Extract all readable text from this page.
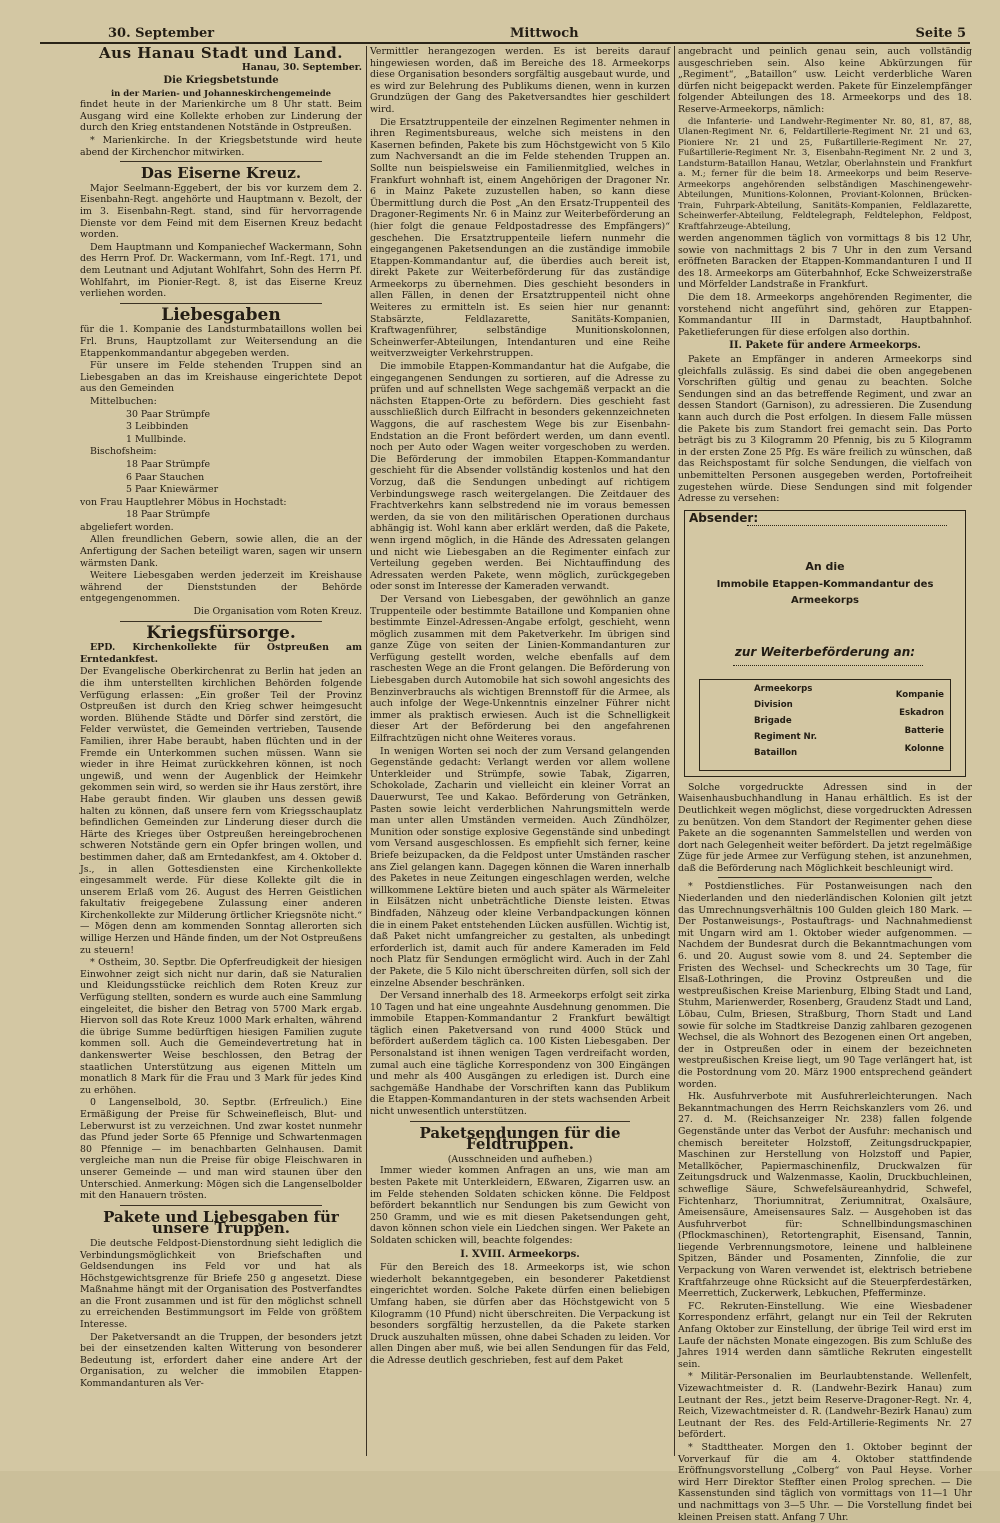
30. September	Mittwoch	Seite 5
Aus Hanau Stadt und Land.
Hanau, 30. September.
Die Kriegsbetstunde
in der Marien- und Johanneskirchengemeinde

findet heute in der Marienkirche um 8 Uhr statt. Beim Ausgang wird eine Kollekte erhoben zur Linderung der durch den Krieg entstandenen Notstände in Ostpreußen.

* Marienkirche. In der Kriegsbetstunde wird heute abend der Kirchenchor mitwirken.

Das Eiserne Kreuz.

Major Seelmann-Eggebert, der bis vor kurzem dem 2. Eisenbahn-Regt. angehörte und Hauptmann v. Bezolt, der im 3. Eisenbahn-Regt. stand, sind für hervorragende Dienste vor dem Feind mit dem Eisernen Kreuz bedacht worden.

Dem Hauptmann und Kompaniechef Wackermann, Sohn des Herrn Prof. Dr. Wackermann, vom Inf.-Regt. 171, und dem Leutnant und Adjutant Wohlfahrt, Sohn des Herrn Pf. Wohlfahrt, im Pionier-Regt. 8, ist das Eiserne Kreuz verliehen worden.

Liebesgaben

für die 1. Kompanie des Landsturmbataillons wollen bei Frl. Bruns, Hauptzollamt zur Weitersendung an die Etappenkommandantur abgegeben werden.

Für unsere im Felde stehenden Truppen sind an Liebesgaben an das im Kreishause eingerichtete Depot aus den Gemeinden

Mittelbuchen:

30 Paar Strümpfe

3 Leibbinden

1 Mullbinde.

Bischofsheim:

18 Paar Strümpfe

6 Paar Stauchen

5 Paar Kniewärmer

von Frau Hauptlehrer Möbus in Hochstadt:

18 Paar Strümpfe

abgeliefert worden.

Allen freundlichen Gebern, sowie allen, die an der Anfertigung der Sachen beteiligt waren, sagen wir unsern wärmsten Dank.

Weitere Liebesgaben werden jederzeit im Kreishause während der Dienststunden der Behörde entgegengenommen.

Die Organisation vom Roten Kreuz.

Kriegsfürsorge.

EPD. Kirchenkollekte für Ostpreußen am Erntedankfest.

Der Evangelische Oberkirchenrat zu Berlin hat jeden an die ihm unterstellten kirchlichen Behörden folgende Verfügung erlassen: „Ein großer Teil der Provinz Ostpreußen ist durch den Krieg schwer heimgesucht worden. Blühende Städte und Dörfer sind zerstört, die Felder verwüstet, die Gemeinden vertrieben, Tausende Familien, ihrer Habe beraubt, haben flüchten und in der Fremde ein Unterkommen suchen müssen. Wann sie wieder in ihre Heimat zurückkehren können, ist noch ungewiß, und wenn der Augenblick der Heimkehr gekommen sein wird, so werden sie ihr Haus zerstört, ihre Habe geraubt finden. Wir glauben uns dessen gewiß halten zu können, daß unsere fern vom Kriegsschauplatz befindlichen Gemeinden zur Linderung dieser durch die Härte des Krieges über Ostpreußen hereingebrochenen schweren Notstände gern ein Opfer bringen wollen, und bestimmen daher, daß am Erntedankfest, am 4. Oktober d. Js., in allen Gottesdiensten eine Kirchenkollekte eingesammelt werde. Für diese Kollekte gilt die in unserem Erlaß vom 26. August des Herren Geistlichen fakultativ freigegebene Zulassung einer anderen Kirchenkollekte zur Milderung örtlicher Kriegsnöte nicht.“ — Mögen denn am kommenden Sonntag allerorten sich willige Herzen und Hände finden, um der Not Ostpreußens zu steuern!

* Ostheim, 30. Septbr. Die Opferfreudigkeit der hiesigen Einwohner zeigt sich nicht nur darin, daß sie Naturalien und Kleidungsstücke reichlich dem Roten Kreuz zur Verfügung stellten, sondern es wurde auch eine Sammlung eingeleitet, die bisher den Betrag von 5700 Mark ergab. Hiervon soll das Rote Kreuz 1000 Mark erhalten, während die übrige Summe bedürftigen hiesigen Familien zugute kommen soll. Auch die Gemeindevertretung hat in dankenswerter Weise beschlossen, den Betrag der staatlichen Unterstützung aus eigenen Mitteln um monatlich 8 Mark für die Frau und 3 Mark für jedes Kind zu erhöhen.

0 Langenselbold, 30. Septbr. (Erfreulich.) Eine Ermäßigung der Preise für Schweinefleisch, Blut- und Leberwurst ist zu verzeichnen. Und zwar kostet nunmehr das Pfund jeder Sorte 65 Pfennige und Schwartenmagen 80 Pfennige — im benachbarten Gelnhausen. Damit vergleiche man nun die Preise für obige Fleischwaren in unserer Gemeinde — und man wird staunen über den Unterschied. Anmerkung: Mögen sich die Langenselbolder mit den Hanauern trösten.

Pakete und Liebesgaben für unsere Truppen.

Die deutsche Feldpost-Dienstordnung sieht lediglich die Verbindungsmöglichkeit von Briefschaften und Geldsendungen ins Feld vor und hat als Höchstgewichtsgrenze für Briefe 250 g angesetzt. Diese Maßnahme hängt mit der Organisation des Postverfandtes an die Front zusammen und ist für den möglichst schnell zu erreichenden Bestimmungsort im Felde von größtem Interesse.

Der Paketversandt an die Truppen, der besonders jetzt bei der einsetzenden kalten Witterung von besonderer Bedeutung ist, erfordert daher eine andere Art der Organisation, zu welcher die immobilen Etappen-Kommandanturen als Ver-

Vermittler herangezogen werden. Es ist bereits darauf hingewiesen worden, daß im Bereiche des 18. Armeekorps diese Organisation besonders sorgfältig ausgebaut wurde, und es wird zur Belehrung des Publikums dienen, wenn in kurzen Grundzügen der Gang des Paketversandtes hier geschildert wird.

Die Ersatztruppenteile der einzelnen Regimenter nehmen in ihren Regimentsbureaus, welche sich meistens in den Kasernen befinden, Pakete bis zum Höchstgewicht von 5 Kilo zum Nachversandt an die im Felde stehenden Truppen an. Sollte nun beispielsweise ein Familienmitglied, welches in Frankfurt wohnhaft ist, einem Angehörigen der Dragoner Nr. 6 in Mainz Pakete zuzustellen haben, so kann diese Übermittlung durch die Post „An den Ersatz-Truppenteil des Dragoner-Regiments Nr. 6 in Mainz zur Weiterbeförderung an (hier folgt die genaue Feldpostadresse des Empfängers)“ geschehen. Die Ersatztruppenteile liefern nunmehr die eingegangenen Paketsendungen an die zuständige immobile Etappen-Kommandantur auf, die überdies auch bereit ist, direkt Pakete zur Weiterbeförderung für das zuständige Armeekorps zu übernehmen. Dies geschieht besonders in allen Fällen, in denen der Ersatztruppenteil nicht ohne Weiteres zu ermitteln ist. Es seien hier nur genannt: Stabsärzte, Feldlazarette, Sanitäts-Kompanien, Kraftwagenführer, selbständige Munitionskolonnen, Scheinwerfer-Abteilungen, Intendanturen und eine Reihe weitverzweigter Verkehrstruppen.

Die immobile Etappen-Kommandantur hat die Aufgabe, die eingegangenen Sendungen zu sortieren, auf die Adresse zu prüfen und auf schnellsten Wege sachgemäß verpackt an die nächsten Etappen-Orte zu befördern. Dies geschieht fast ausschließlich durch Eilfracht in besonders gekennzeichneten Waggons, die auf raschestem Wege bis zur Eisenbahn-Endstation an die Front befördert werden, um dann eventl. noch per Auto oder Wagen weiter vorgeschoben zu werden. Die Beförderung der immobilen Etappen-Kommandantur geschieht für die Absender vollständig kostenlos und hat den Vorzug, daß die Sendungen unbedingt auf richtigem Verbindungswege rasch weitergelangen. Die Zeitdauer des Frachtverkehrs kann selbstredend nie im voraus bemessen werden, da sie von den militärischen Operationen durchaus abhängig ist. Wohl kann aber erklärt werden, daß die Pakete, wenn irgend möglich, in die Hände des Adressaten gelangen und nicht wie Liebesgaben an die Regimenter einfach zur Verteilung gegeben werden. Bei Nichtauffindung des Adressaten werden Pakete, wenn möglich, zurückgegeben oder sonst im Interesse der Kameraden verwandt.

Der Versand von Liebesgaben, der gewöhnlich an ganze Truppenteile oder bestimmte Bataillone und Kompanien ohne bestimmte Einzel-Adressen-Angabe erfolgt, geschieht, wenn möglich zusammen mit dem Paketverkehr. Im übrigen sind ganze Züge von seiten der Linien-Kommandanturen zur Verfügung gestellt worden, welche ebenfalls auf dem raschesten Wege an die Front gelangen. Die Beförderung von Liebesgaben durch Automobile hat sich sowohl angesichts des Benzinverbrauchs als wichtigen Brennstoff für die Armee, als auch infolge der Wege-Unkenntnis einzelner Führer nicht immer als praktisch erwiesen. Auch ist die Schnelligkeit dieser Art der Beförderung bei den angefahrenen Eilfrachtzügen nicht ohne Weiteres voraus.

In wenigen Worten sei noch der zum Versand gelangenden Gegenstände gedacht: Verlangt werden vor allem wollene Unterkleider und Strümpfe, sowie Tabak, Zigarren, Schokolade, Zacharin und vielleicht ein kleiner Vorrat an Dauerwurst, Tee und Kakao. Beförderung von Getränken, Pasten sowie leicht verderblichen Nahrungsmitteln werde man unter allen Umständen vermeiden. Auch Zündhölzer, Munition oder sonstige explosive Gegenstände sind unbedingt vom Versand ausgeschlossen. Es empfiehlt sich ferner, keine Briefe beizupacken, da die Feldpost unter Umständen rascher ans Ziel gelangen kann. Dagegen können die Waren innerhalb des Paketes in neue Zeitungen eingeschlagen werden, welche willkommene Lektüre bieten und auch später als Wärmeleiter in Eilsätzen nicht unbeträchtliche Dienste leisten. Etwas Bindfaden, Nähzeug oder kleine Verbandpackungen können die in einem Paket entstehenden Lücken ausfüllen. Wichtig ist, daß Paket nicht umfangreicher zu gestalten, als unbedingt erforderlich ist, damit auch für andere Kameraden im Feld noch Platz für Sendungen ermöglicht wird. Auch in der Zahl der Pakete, die 5 Kilo nicht überschreiten dürfen, soll sich der einzelne Absender beschränken.

Der Versand innerhalb des 18. Armeekorps erfolgt seit zirka 10 Tagen und hat eine ungeahnte Ausdehnung genommen. Die immobile Etappen-Kommandantur 2 Frankfurt bewältigt täglich einen Paketversand von rund 4000 Stück und befördert außerdem täglich ca. 100 Kisten Liebesgaben. Der Personalstand ist ihnen wenigen Tagen verdreifacht worden, zumal auch eine tägliche Korrespondenz von 300 Eingängen und mehr als 400 Ausgängen zu erledigen ist. Durch eine sachgemäße Handhabe der Vorschriften kann das Publikum die Etappen-Kommandanturen in der stets wachsenden Arbeit nicht unwesentlich unterstützen.

Paketsendungen für die Feldtruppen.
(Ausschneiden und aufheben.)

Immer wieder kommen Anfragen an uns, wie man am besten Pakete mit Unterkleidern, Eßwaren, Zigarren usw. an im Felde stehenden Soldaten schicken könne. Die Feldpost befördert bekanntlich nur Sendungen bis zum Gewicht von 250 Gramm, und wie es mit diesen Paketsendungen geht, davon können schon viele ein Liedchen singen. Wer Pakete an Soldaten schicken will, beachte folgendes:

I. XVIII. Armeekorps.

Für den Bereich des 18. Armeekorps ist, wie schon wiederholt bekanntgegeben, ein besonderer Paketdienst eingerichtet worden. Solche Pakete dürfen einen beliebigen Umfang haben, sie dürfen aber das Höchstgewicht von 5 Kilogramm (10 Pfund) nicht überschreiten. Die Verpackung ist besonders sorgfältig herzustellen, da die Pakete starken Druck auszuhalten müssen, ohne dabei Schaden zu leiden. Vor allen Dingen aber muß, wie bei allen Sendungen für das Feld, die Adresse deutlich geschrieben, fest auf dem Paket

angebracht und peinlich genau sein, auch vollständig ausgeschrieben sein. Also keine Abkürzungen für „Regiment“, „Bataillon“ usw. Leicht verderbliche Waren dürfen nicht beigepackt werden. Pakete für Einzelempfänger folgender Abteilungen des 18. Armeekorps und des 18. Reserve-Armeekorps, nämlich:

die Infanterie- und Landwehr-Regimenter Nr. 80, 81, 87, 88, Ulanen-Regiment Nr. 6, Feldartillerie-Regiment Nr. 21 und 63, Pioniere Nr. 21 und 25, Fußartillerie-Regiment Nr. 27, Fußartillerie-Regiment Nr. 3, Eisenbahn-Regiment Nr. 2 und 3, Landsturm-Bataillon Hanau, Wetzlar, Oberlahnstein und Frankfurt a. M.; ferner für die beim 18. Armeekorps und beim Reserve-Armeekorps angehörenden selbständigen Maschinengewehr-Abteilungen, Munitions-Kolonnen, Proviant-Kolonnen, Brücken-Train, Fuhrpark-Abteilung, Sanitäts-Kompanien, Feldlazarette, Scheinwerfer-Abteilung, Feldtelegraph, Feldtelephon, Feldpost, Kraftfahrzeuge-Abteilung,

werden angenommen täglich von vormittags 8 bis 12 Uhr, sowie von nachmittags 2 bis 7 Uhr in den zum Versand eröffneten Baracken der Etappen-Kommandanturen I und II des 18. Armeekorps am Güterbahnhof, Ecke Schweizerstraße und Mörfelder Landstraße in Frankfurt.

Die dem 18. Armeekorps angehörenden Regimenter, die vorstehend nicht angeführt sind, gehören zur Etappen-Kommandantur III in Darmstadt, Hauptbahnhof. Paketlieferungen für diese erfolgen also dorthin.

II. Pakete für andere Armeekorps.

Pakete an Empfänger in anderen Armeekorps sind gleichfalls zulässig. Es sind dabei die oben angegebenen Vorschriften gültig und genau zu beachten. Solche Sendungen sind an das betreffende Regiment, und zwar an dessen Standort (Garnison), zu adressieren. Die Zusendung kann auch durch die Post erfolgen. In diesem Falle müssen die Pakete bis zum Standort frei gemacht sein. Das Porto beträgt bis zu 3 Kilogramm 20 Pfennig, bis zu 5 Kilogramm in der ersten Zone 25 Pfg. Es wäre freilich zu wünschen, daß das Reichspostamt für solche Sendungen, die vielfach von unbemittelten Personen ausgegeben werden, Portofreiheit zugestehen würde. Diese Sendungen sind mit folgender Adresse zu versehen:

Absender:
An die
Immobile Etappen-Kommandantur des
Armeekorps
zur Weiterbeförderung an:
Armeekorps
Division
Brigade
Regiment Nr.
Bataillon
Kompanie
Eskadron
Batterie
Kolonne

Solche vorgedruckte Adressen sind in der Waisenhausbuchhandlung in Hanau erhältlich. Es ist der Deutlichkeit wegen möglichst, diese vorgedruckten Adressen zu benützen. Von dem Standort der Regimenter gehen diese Pakete an die sogenannten Sammelstellen und werden von dort nach Gelegenheit weiter befördert. Da jetzt regelmäßige Züge für jede Armee zur Verfügung stehen, ist anzunehmen, daß die Beförderung nach Möglichkeit beschleunigt wird.

* Postdienstliches. Für Postanweisungen nach den Niederlanden und den niederländischen Kolonien gilt jetzt das Umrechnungsverhältnis 100 Gulden gleich 180 Mark. — Der Postanweisungs-, Postauftrags- und Nachnahmedienst mit Ungarn wird am 1. Oktober wieder aufgenommen. — Nachdem der Bundesrat durch die Bekanntmachungen vom 6. und 20. August sowie vom 8. und 24. September die Fristen des Wechsel- und Scheckrechts um 30 Tage, für Elsaß-Lothringen, die Provinz Ostpreußen und die westpreußischen Kreise Marienburg, Elbing Stadt und Land, Stuhm, Marienwerder, Rosenberg, Graudenz Stadt und Land, Löbau, Culm, Briesen, Straßburg, Thorn Stadt und Land sowie für solche im Stadtkreise Danzig zahlbaren gezogenen Wechsel, die als Wohnort des Bezogenen einen Ort angeben, der in Ostpreußen oder in einem der bezeichneten westpreußischen Kreise liegt, um 90 Tage verlängert hat, ist die Postordnung vom 20. März 1900 entsprechend geändert worden.

Hk. Ausfuhrverbote mit Ausfuhrerleichterungen. Nach Bekanntmachungen des Herrn Reichskanzlers vom 26. und 27. d. M. (Reichsanzeiger Nr. 238) fallen folgende Gegenstände unter das Verbot der Ausfuhr: mechanisch und chemisch bereiteter Holzstoff, Zeitungsdruckpapier, Maschinen zur Herstellung von Holzstoff und Papier, Metallköcher, Papiermaschinenfilz, Druckwalzen für Zeitungsdruck und Walzenmasse, Kaolin, Druckbuchleinen, schweflige Säure, Schwefelsäureanhydrid, Schwefel, Fichtenharz, Thoriumnitrat, Zeriumnitrat, Oxalsäure, Ameisensäure, Ameisensaures Salz. — Ausgehoben ist das Ausfuhrverbot für: Schnellbindungsmaschinen (Pflockmaschinen), Retortengraphit, Eisensand, Tannin, liegende Verbrennungsmotore, leinene und halbleinene Spitzen, Bänder und Posamenten, Zinnfolie, die zur Verpackung von Waren verwendet ist, elektrisch betriebene Kraftfahrzeuge ohne Rücksicht auf die Steuerpferdestärken, Meerrettich, Zuckerwerk, Lebkuchen, Pfefferminze.

FC. Rekruten-Einstellung. Wie eine Wiesbadener Korrespondenz erfährt, gelangt nur ein Teil der Rekruten Anfang Oktober zur Einstellung, der übrige Teil wird erst im Laufe der nächsten Monate eingezogen. Bis zum Schluße des Jahres 1914 werden dann sämtliche Rekruten eingestellt sein.

* Militär-Personalien im Beurlaubtenstande. Wellenfelt, Vizewachtmeister d. R. (Landwehr-Bezirk Hanau) zum Leutnant der Res., jetzt beim Reserve-Dragoner-Regt. Nr. 4, Reich, Vizewachtmeister d. R. (Landwehr-Bezirk Hanau) zum Leutnant der Res. des Feld-Artillerie-Regiments Nr. 27 befördert.

* Stadttheater. Morgen den 1. Oktober beginnt der Vorverkauf für die am 4. Oktober stattfindende Eröffnungsvorstellung „Colberg“ von Paul Heyse. Vorher wird Herr Direktor Steffter einen Prolog sprechen. — Die Kassenstunden sind täglich von vormittags von 11—1 Uhr und nachmittags von 3—5 Uhr. — Die Vorstellung findet bei kleinen Preisen statt. Anfang 7 Uhr.
